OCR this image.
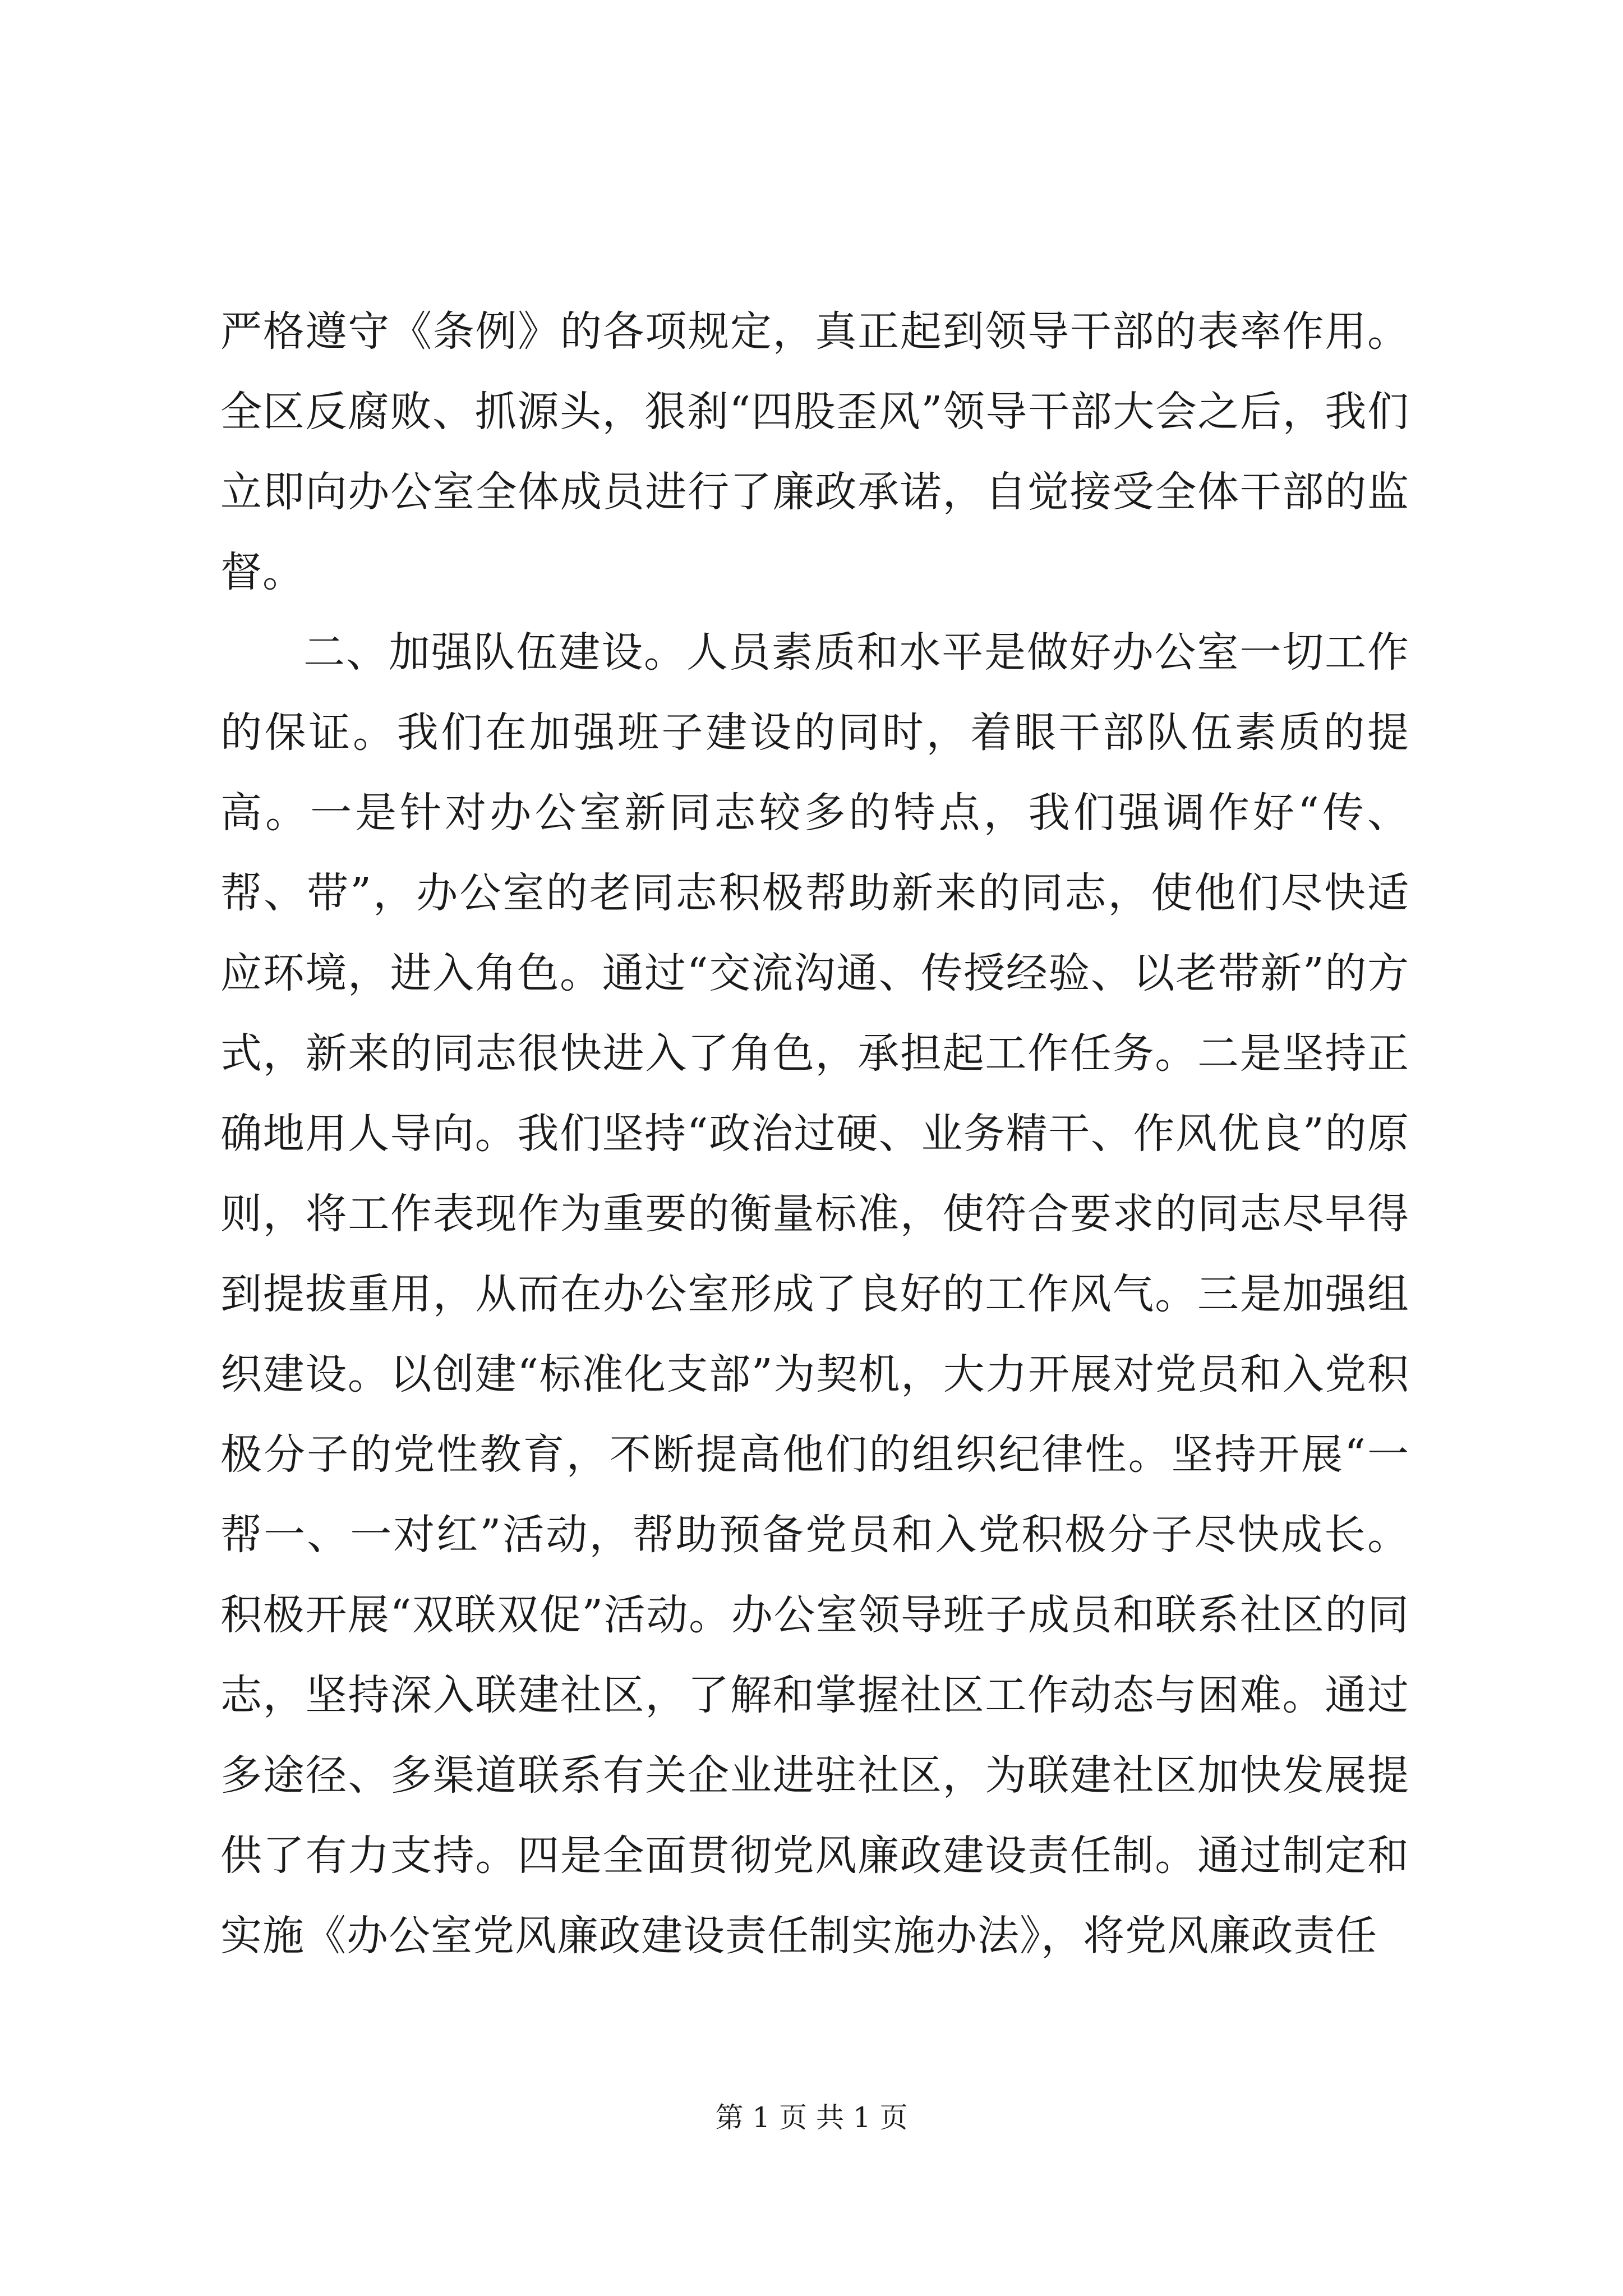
严格遵守《条例》的各项规定，真正起到领导干部的表率作用。全区反腐败、抓源头，狠刹“四股歪风”领导干部大会之后，我们立即向办公室全体成员进行了廉政承诺，自觉接受全体干部的监督。

二、加强队伍建设。人员素质和水平是做好办公室一切工作的保证。我们在加强班子建设的同时，着眼干部队伍素质的提高。一是针对办公室新同志较多的特点，我们强调作好“传、帮、带”，办公室的老同志积极帮助新来的同志，使他们尽快适应环境，进入角色。通过“交流沟通、传授经验、以老带新”的方式，新来的同志很快进入了角色，承担起工作任务。二是坚持正确地用人导向。我们坚持“政治过硬、业务精干、作风优良”的原则，将工作表现作为重要的衡量标准，使符合要求的同志尽早得到提拔重用，从而在办公室形成了良好的工作风气。三是加强组织建设。以创建“标准化支部”为契机，大力开展对党员和入党积极分子的党性教育，不断提高他们的组织纪律性。坚持开展“一帮一、一对红”活动，帮助预备党员和入党积极分子尽快成长。积极开展“双联双促”活动。办公室领导班子成员和联系社区的同志，坚持深入联建社区，了解和掌握社区工作动态与困难。通过多途径、多渠道联系有关企业进驻社区，为联建社区加快发展提供了有力支持。四是全面贯彻党风廉政建设责任制。通过制定和实施《办公室党风廉政建设责任制实施办法》，将党风廉政责任

第 1 页 共 1 页
